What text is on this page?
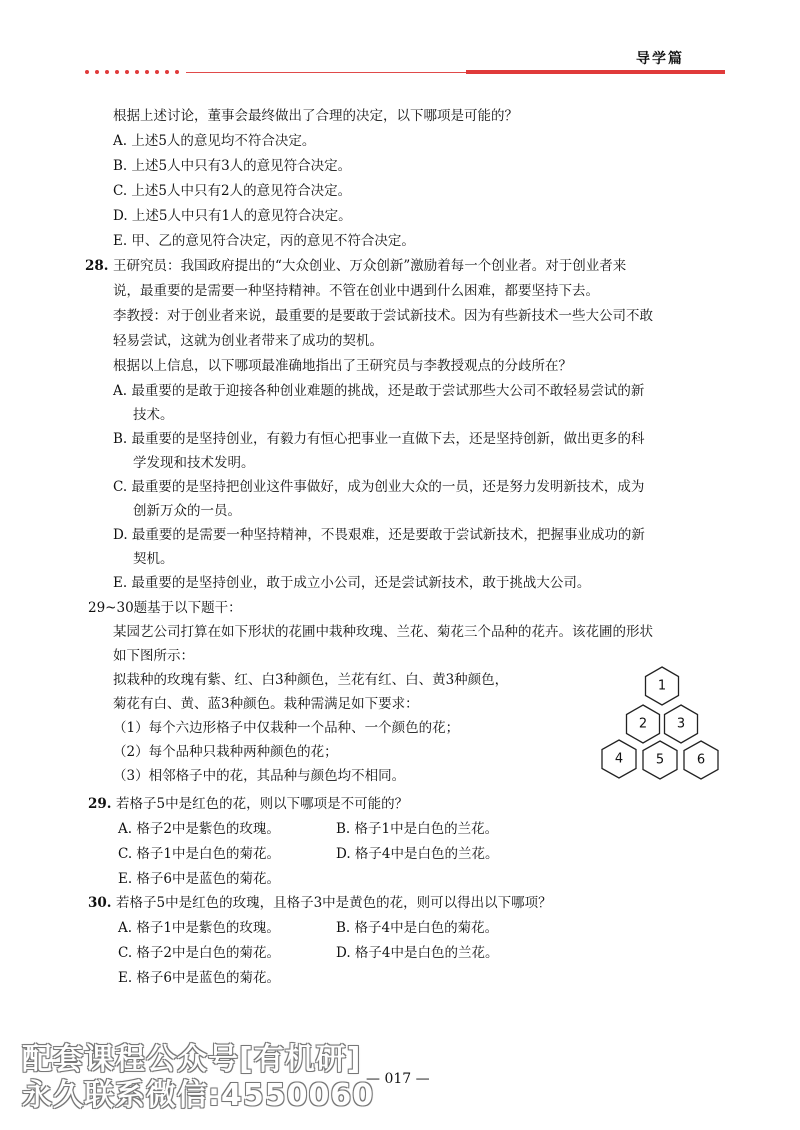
导学篇
根据上述讨论，董事会最终做出了合理的决定，以下哪项是可能的？
A. 上述5人的意见均不符合决定。
B. 上述5人中只有3人的意见符合决定。
C. 上述5人中只有2人的意见符合决定。
D. 上述5人中只有1人的意见符合决定。
E. 甲、乙的意见符合决定，丙的意见不符合决定。
28. 王研究员：我国政府提出的“大众创业、万众创新”激励着每一个创业者。对于创业者来
说，最重要的是需要一种坚持精神。不管在创业中遇到什么困难，都要坚持下去。
李教授：对于创业者来说，最重要的是要敢于尝试新技术。因为有些新技术一些大公司不敢
轻易尝试，这就为创业者带来了成功的契机。
根据以上信息，以下哪项最准确地指出了王研究员与李教授观点的分歧所在？
A. 最重要的是敢于迎接各种创业难题的挑战，还是敢于尝试那些大公司不敢轻易尝试的新
技术。
B. 最重要的是坚持创业，有毅力有恒心把事业一直做下去，还是坚持创新，做出更多的科
学发现和技术发明。
C. 最重要的是坚持把创业这件事做好，成为创业大众的一员，还是努力发明新技术，成为
创新万众的一员。
D. 最重要的是需要一种坚持精神，不畏艰难，还是要敢于尝试新技术，把握事业成功的新
契机。
E. 最重要的是坚持创业，敢于成立小公司，还是尝试新技术，敢于挑战大公司。
29~30题基于以下题干：
某园艺公司打算在如下形状的花圃中栽种玫瑰、兰花、菊花三个品种的花卉。该花圃的形状
如下图所示：
拟栽种的玫瑰有紫、红、白3种颜色，兰花有红、白、黄3种颜色，
菊花有白、黄、蓝3种颜色。栽种需满足如下要求：
（1）每个六边形格子中仅栽种一个品种、一个颜色的花；
（2）每个品种只栽种两种颜色的花；
（3）相邻格子中的花，其品种与颜色均不相同。
1
2 3
4	5	6
29. 若格子5中是红色的花，则以下哪项是不可能的？
A. 格子2中是紫色的玫瑰。	B. 格子1中是白色的兰花。
C. 格子1中是白色的菊花。	D. 格子4中是白色的兰花。
E. 格子6中是蓝色的菊花。
30. 若格子5中是红色的玫瑰，且格子3中是黄色的花，则可以得出以下哪项？
A. 格子1中是紫色的玫瑰。	B. 格子4中是白色的菊花。
C. 格子2中是白色的菊花。	D. 格子4中是白色的兰花。
E. 格子6中是蓝色的菊花。
— 017 —
配套课程公众号[有机研]
永久联系微信:4550060
